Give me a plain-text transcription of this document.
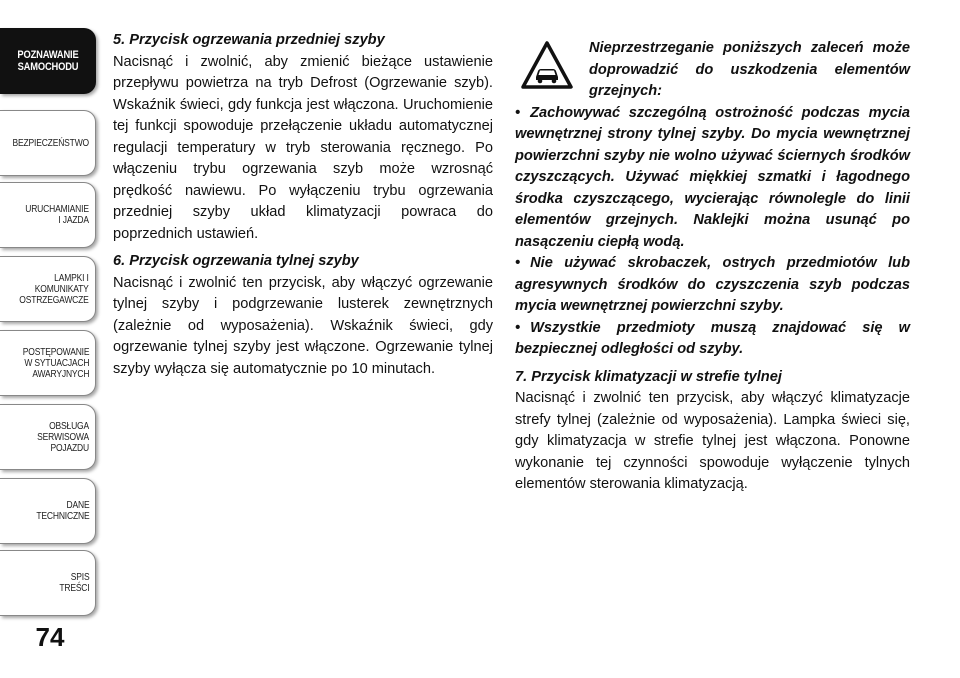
POZNAWANIE
SAMOCHODU
BEZPIECZEŃSTWO
URUCHAMIANIE
I JAZDA
LAMPKI I
KOMUNIKATY
OSTRZEGAWCZE
POSTĘPOWANIE
W SYTUACJACH
AWARYJNYCH
OBSŁUGA
SERWISOWA
POJAZDU
DANE
TECHNICZNE
SPIS
TREŚCI
74

5. Przycisk ogrzewania przedniej szyby

Nacisnąć i zwolnić, aby zmienić bieżące ustawienie przepływu powietrza na tryb Defrost (Ogrzewanie szyb). Wskaźnik świeci, gdy funkcja jest włączona. Uruchomienie tej funkcji spowoduje przełączenie układu automatycznej regulacji temperatury w tryb sterowania ręcznego. Po włączeniu trybu ogrzewania szyb może wzrosnąć prędkość nawiewu. Po wyłączeniu trybu ogrzewania przedniej szyby układ klimatyzacji powraca do poprzednich ustawień.

6. Przycisk ogrzewania tylnej szyby

Nacisnąć i zwolnić ten przycisk, aby włączyć ogrzewanie tylnej szyby i podgrzewanie lusterek zewnętrznych (zależnie od wyposażenia). Wskaźnik świeci, gdy ogrzewanie tylnej szyby jest włączone. Ogrzewanie tylnej szyby wyłącza się automatycznie po 10 minutach.

Nieprzestrzeganie poniższych zaleceń może doprowadzić do uszkodzenia elementów grzejnych:

• Zachowywać szczególną ostrożność podczas mycia wewnętrznej strony tylnej szyby. Do mycia wewnętrznej powierzchni szyby nie wolno używać ściernych środków czyszczących. Używać miękkiej szmatki i łagodnego środka czyszczącego, wycierając równolegle do linii elementów grzejnych. Naklejki można usunąć po nasączeniu ciepłą wodą.

• Nie używać skrobaczek, ostrych przedmiotów lub agresywnych środków do czyszczenia szyb podczas mycia wewnętrznej powierzchni szyby.

• Wszystkie przedmioty muszą znajdować się w bezpiecznej odległości od szyby.

7. Przycisk klimatyzacji w strefie tylnej

Nacisnąć i zwolnić ten przycisk, aby włączyć klimatyzacje strefy tylnej (zależnie od wyposażenia). Lampka świeci się, gdy klimatyzacja w strefie tylnej jest włączona. Ponowne wykonanie tej czynności spowoduje wyłączenie tylnych elementów sterowania klimatyzacją.
